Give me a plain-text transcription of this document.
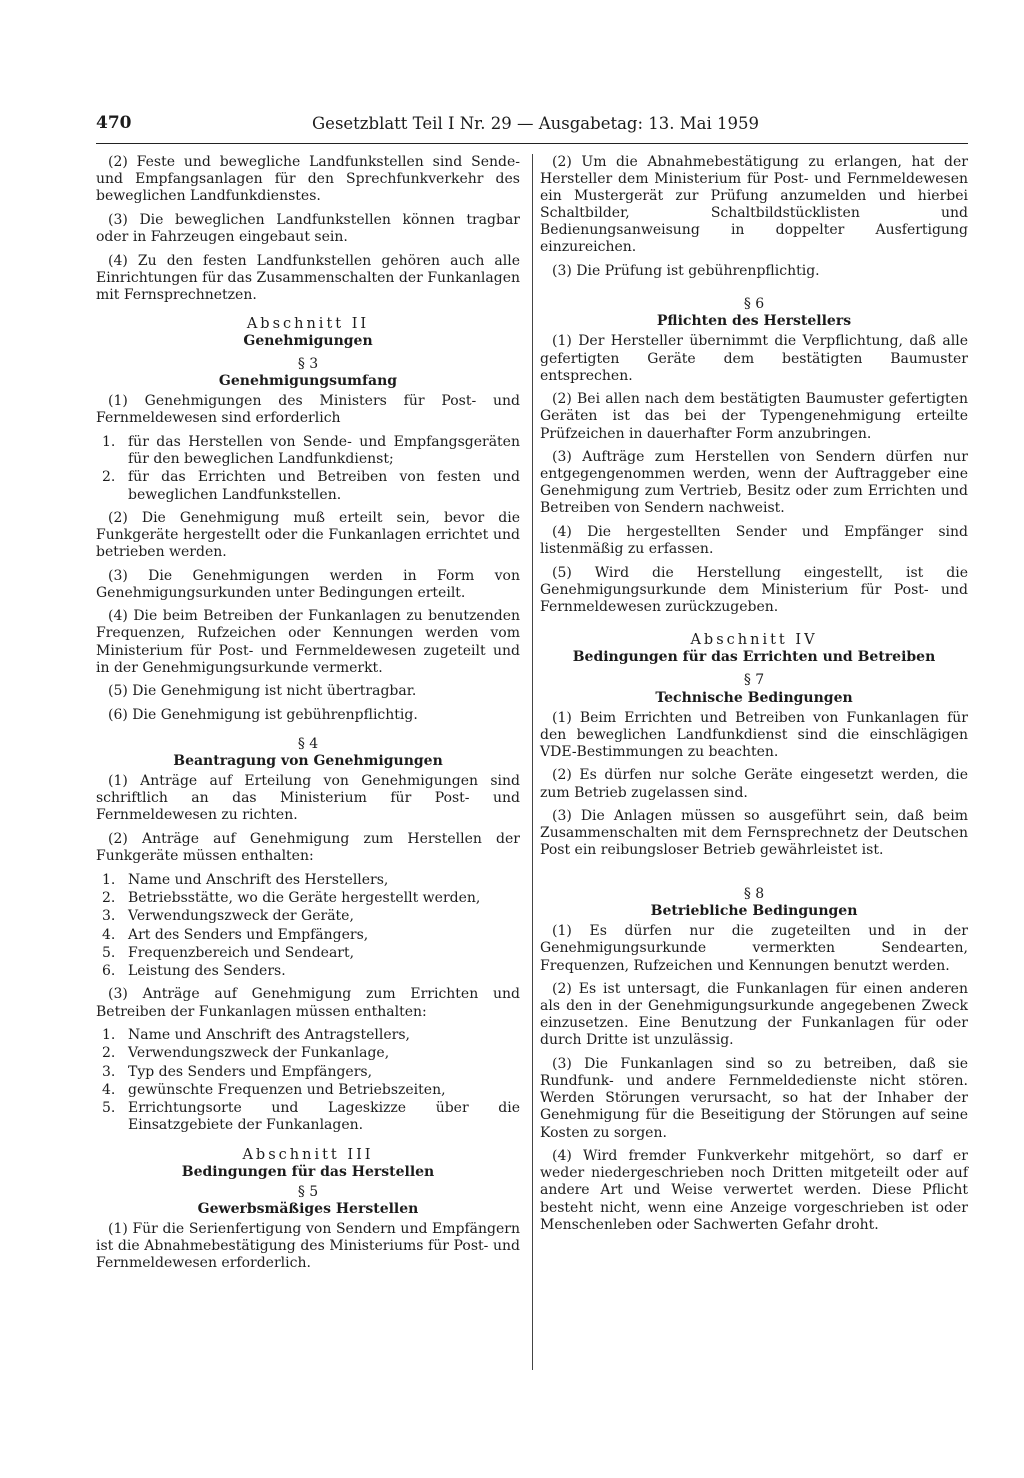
470	Gesetzblatt Teil I Nr. 29 — Ausgabetag: 13. Mai 1959

(2) Feste und bewegliche Landfunkstellen sind Sende- und Empfangsanlagen für den Sprechfunkverkehr des beweglichen Landfunkdienstes.

(3) Die beweglichen Landfunkstellen können tragbar oder in Fahrzeugen eingebaut sein.

(4) Zu den festen Landfunkstellen gehören auch alle Einrichtungen für das Zusammenschalten der Funkanlagen mit Fernsprechnetzen.

Abschnitt II

Genehmigungen

§ 3

Genehmigungsumfang

(1) Genehmigungen des Ministers für Post- und Fernmeldewesen sind erforderlich

1. für das Herstellen von Sende- und Empfangsgeräten für den beweglichen Landfunkdienst;
2. für das Errichten und Betreiben von festen und beweglichen Landfunkstellen.

(2) Die Genehmigung muß erteilt sein, bevor die Funkgeräte hergestellt oder die Funkanlagen errichtet und betrieben werden.

(3) Die Genehmigungen werden in Form von Genehmigungsurkunden unter Bedingungen erteilt.

(4) Die beim Betreiben der Funkanlagen zu benutzenden Frequenzen, Rufzeichen oder Kennungen werden vom Ministerium für Post- und Fernmeldewesen zugeteilt und in der Genehmigungsurkunde vermerkt.

(5) Die Genehmigung ist nicht übertragbar.

(6) Die Genehmigung ist gebührenpflichtig.

§ 4

Beantragung von Genehmigungen

(1) Anträge auf Erteilung von Genehmigungen sind schriftlich an das Ministerium für Post- und Fernmeldewesen zu richten.

(2) Anträge auf Genehmigung zum Herstellen der Funkgeräte müssen enthalten:

1. Name und Anschrift des Herstellers,
2. Betriebsstätte, wo die Geräte hergestellt werden,
3. Verwendungszweck der Geräte,
4. Art des Senders und Empfängers,
5. Frequenzbereich und Sendeart,
6. Leistung des Senders.

(3) Anträge auf Genehmigung zum Errichten und Betreiben der Funkanlagen müssen enthalten:

1. Name und Anschrift des Antragstellers,
2. Verwendungszweck der Funkanlage,
3. Typ des Senders und Empfängers,
4. gewünschte Frequenzen und Betriebszeiten,
5. Errichtungsorte und Lageskizze über die Einsatzgebiete der Funkanlagen.

Abschnitt III

Bedingungen für das Herstellen

§ 5

Gewerbsmäßiges Herstellen

(1) Für die Serienfertigung von Sendern und Empfängern ist die Abnahmebestätigung des Ministeriums für Post- und Fernmeldewesen erforderlich.

(2) Um die Abnahmebestätigung zu erlangen, hat der Hersteller dem Ministerium für Post- und Fernmeldewesen ein Mustergerät zur Prüfung anzumelden und hierbei Schaltbilder, Schaltbildstücklisten und Bedienungsanweisung in doppelter Ausfertigung einzureichen.

(3) Die Prüfung ist gebührenpflichtig.

§ 6

Pflichten des Herstellers

(1) Der Hersteller übernimmt die Verpflichtung, daß alle gefertigten Geräte dem bestätigten Baumuster entsprechen.

(2) Bei allen nach dem bestätigten Baumuster gefertigten Geräten ist das bei der Typengenehmigung erteilte Prüfzeichen in dauerhafter Form anzubringen.

(3) Aufträge zum Herstellen von Sendern dürfen nur entgegengenommen werden, wenn der Auftraggeber eine Genehmigung zum Vertrieb, Besitz oder zum Errichten und Betreiben von Sendern nachweist.

(4) Die hergestellten Sender und Empfänger sind listenmäßig zu erfassen.

(5) Wird die Herstellung eingestellt, ist die Genehmigungsurkunde dem Ministerium für Post- und Fernmeldewesen zurückzugeben.

Abschnitt IV

Bedingungen für das Errichten und Betreiben

§ 7

Technische Bedingungen

(1) Beim Errichten und Betreiben von Funkanlagen für den beweglichen Landfunkdienst sind die einschlägigen VDE-Bestimmungen zu beachten.

(2) Es dürfen nur solche Geräte eingesetzt werden, die zum Betrieb zugelassen sind.

(3) Die Anlagen müssen so ausgeführt sein, daß beim Zusammenschalten mit dem Fernsprechnetz der Deutschen Post ein reibungsloser Betrieb gewährleistet ist.

§ 8

Betriebliche Bedingungen

(1) Es dürfen nur die zugeteilten und in der Genehmigungsurkunde vermerkten Sendearten, Frequenzen, Rufzeichen und Kennungen benutzt werden.

(2) Es ist untersagt, die Funkanlagen für einen anderen als den in der Genehmigungsurkunde angegebenen Zweck einzusetzen. Eine Benutzung der Funkanlagen für oder durch Dritte ist unzulässig.

(3) Die Funkanlagen sind so zu betreiben, daß sie Rundfunk- und andere Fernmeldedienste nicht stören. Werden Störungen verursacht, so hat der Inhaber der Genehmigung für die Beseitigung der Störungen auf seine Kosten zu sorgen.

(4) Wird fremder Funkverkehr mitgehört, so darf er weder niedergeschrieben noch Dritten mitgeteilt oder auf andere Art und Weise verwertet werden. Diese Pflicht besteht nicht, wenn eine Anzeige vorgeschrieben ist oder Menschenleben oder Sachwerten Gefahr droht.
